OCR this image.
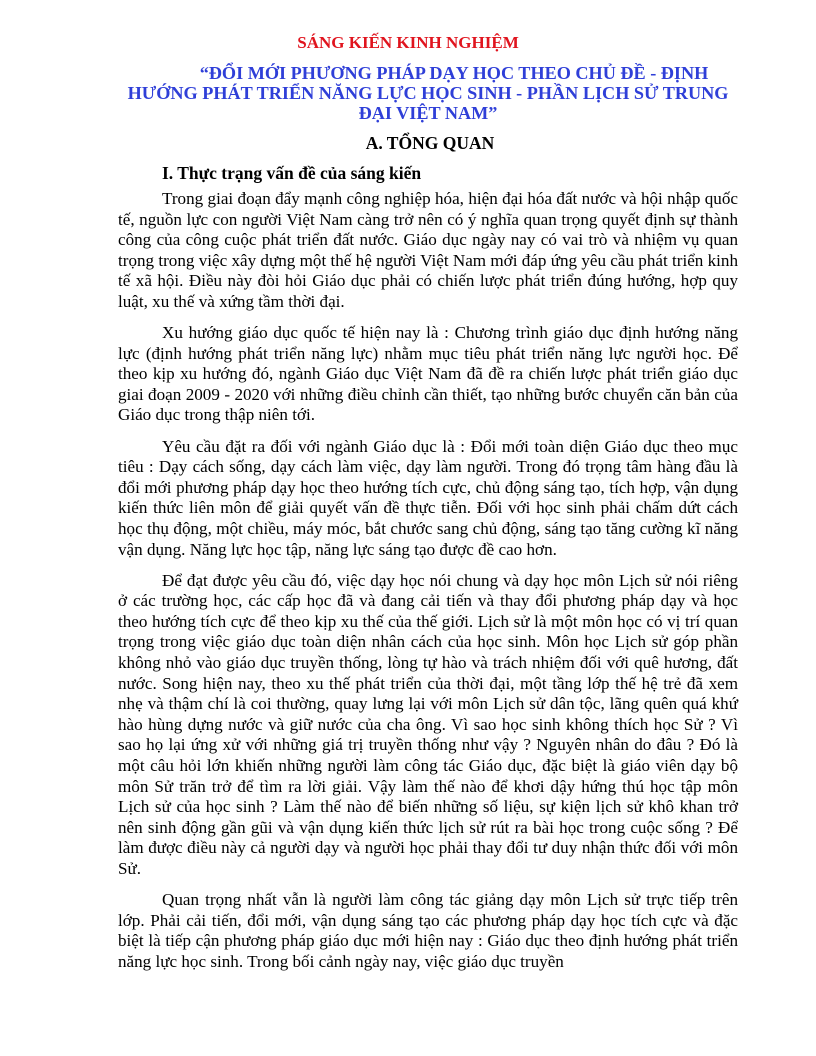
SÁNG KIẾN KINH NGHIỆM
“ĐỔI MỚI PHƯƠNG PHÁP DẠY HỌC THEO CHỦ ĐỀ - ĐỊNH
HƯỚNG PHÁT TRIỂN NĂNG LỰC HỌC SINH - PHẦN LỊCH SỬ TRUNG
ĐẠI VIỆT NAM”
A. TỔNG QUAN
I. Thực trạng vấn đề của sáng kiến

Trong giai đoạn đẩy mạnh công nghiệp hóa, hiện đại hóa đất nước và hội nhập quốc tế, nguồn lực con người Việt Nam càng trở nên có ý nghĩa quan trọng quyết định sự thành công của công cuộc phát triển đất nước. Giáo dục ngày nay có vai trò và nhiệm vụ quan trọng trong việc xây dựng một thế hệ người Việt Nam mới đáp ứng yêu cầu phát triển kinh tế xã hội. Điều này đòi hỏi Giáo dục phải có chiến lược phát triển đúng hướng, hợp quy luật, xu thế và xứng tầm thời đại.

Xu hướng giáo dục quốc tế hiện nay là : Chương trình giáo dục định hướng năng lực (định hướng phát triển năng lực) nhằm mục tiêu phát triển năng lực người học. Để theo kịp xu hướng đó, ngành Giáo dục Việt Nam đã đề ra chiến lược phát triển giáo dục giai đoạn 2009 - 2020 với những điều chỉnh cần thiết, tạo những bước chuyển căn bản của Giáo dục trong thập niên tới.

Yêu cầu đặt ra đối với ngành Giáo dục là : Đổi mới toàn diện Giáo dục theo mục tiêu : Dạy cách sống, dạy cách làm việc, dạy làm người. Trong đó trọng tâm hàng đầu là đổi mới phương pháp dạy học theo hướng tích cực, chủ động sáng tạo, tích hợp, vận dụng kiến thức liên môn để giải quyết vấn đề thực tiễn. Đối với học sinh phải chấm dứt cách học thụ động, một chiều, máy móc, bắt chước sang chủ động, sáng tạo tăng cường kĩ năng vận dụng. Năng lực học tập, năng lực sáng tạo được đề cao hơn.

Để đạt được yêu cầu đó, việc dạy học nói chung và dạy học môn Lịch sử nói riêng ở các trường học, các cấp học đã và đang cải tiến và thay đổi phương pháp dạy và học theo hướng tích cực để theo kịp xu thế của thế giới. Lịch sử là một môn học có vị trí quan trọng trong việc giáo dục toàn diện nhân cách của học sinh. Môn học Lịch sử góp phần không nhỏ vào giáo dục truyền thống, lòng tự hào và trách nhiệm đối với quê hương, đất nước. Song hiện nay, theo xu thế phát triển của thời đại, một tầng lớp thế hệ trẻ đã xem nhẹ và thậm chí là coi thường, quay lưng lại với môn Lịch sử dân tộc, lãng quên quá khứ hào hùng dựng nước và giữ nước của cha ông. Vì sao học sinh không thích học Sử ? Vì sao họ lại ứng xử với những giá trị truyền thống như vậy ? Nguyên nhân do đâu ? Đó là một câu hỏi lớn khiến những người làm công tác Giáo dục, đặc biệt là giáo viên dạy bộ môn Sử trăn trở để tìm ra lời giải. Vậy làm thế nào để khơi dậy hứng thú học tập môn Lịch sử của học sinh ? Làm thế nào để biến những số liệu, sự kiện lịch sử khô khan trở nên sinh động gần gũi và vận dụng kiến thức lịch sử rút ra bài học trong cuộc sống ? Để làm được điều này cả người dạy và người học phải thay đổi tư duy nhận thức đối với môn Sử.

Quan trọng nhất vẫn là người làm công tác giảng dạy môn Lịch sử trực tiếp trên lớp. Phải cải tiến, đổi mới, vận dụng sáng tạo các phương pháp dạy học tích cực và đặc biệt là tiếp cận phương pháp giáo dục mới hiện nay : Giáo dục theo định hướng phát triển năng lực học sinh. Trong bối cảnh ngày nay, việc giáo dục truyền
